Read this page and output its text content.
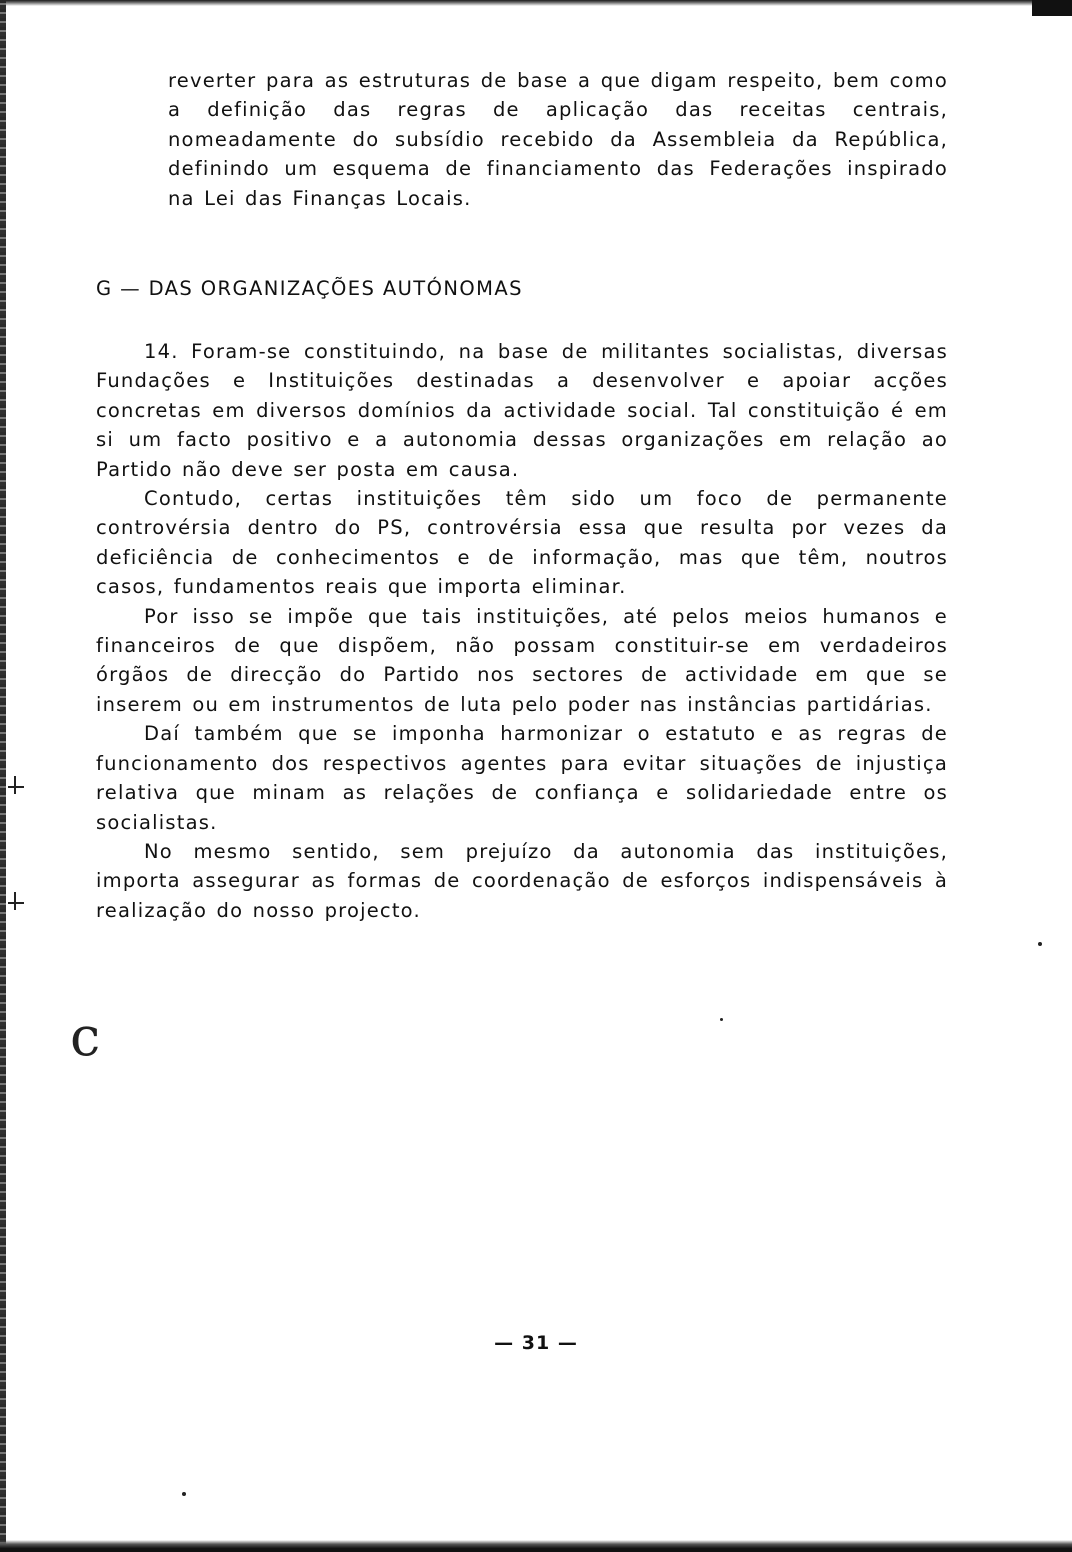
c

reverter para as estruturas de base a que digam respeito, bem como a definição das regras de aplicação das receitas centrais, nomeadamente do subsídio recebido da Assembleia da República, definindo um esquema de financiamento das Federações inspirado na Lei das Finanças Locais.

G — DAS ORGANIZAÇÕES AUTÓNOMAS

14. Foram-se constituindo, na base de militantes socialistas, diversas Fundações e Instituições destinadas a desenvolver e apoiar acções concretas em diversos domínios da actividade social. Tal constituição é em si um facto positivo e a autonomia dessas organizações em relação ao Partido não deve ser posta em causa.

Contudo, certas instituições têm sido um foco de permanente controvérsia dentro do PS, controvérsia essa que resulta por vezes da deficiência de conhecimentos e de informação, mas que têm, noutros casos, fundamentos reais que importa eliminar.

Por isso se impõe que tais instituições, até pelos meios humanos e financeiros de que dispõem, não possam constituir-se em verdadeiros órgãos de direcção do Partido nos sectores de actividade em que se inserem ou em instrumentos de luta pelo poder nas instâncias partidárias.

Daí também que se imponha harmonizar o estatuto e as regras de funcionamento dos respectivos agentes para evitar situações de injustiça relativa que minam as relações de confiança e solidariedade entre os socialistas.

No mesmo sentido, sem prejuízo da autonomia das instituições, importa assegurar as formas de coordenação de esforços indispensáveis à realização do nosso projecto.

— 31 —
